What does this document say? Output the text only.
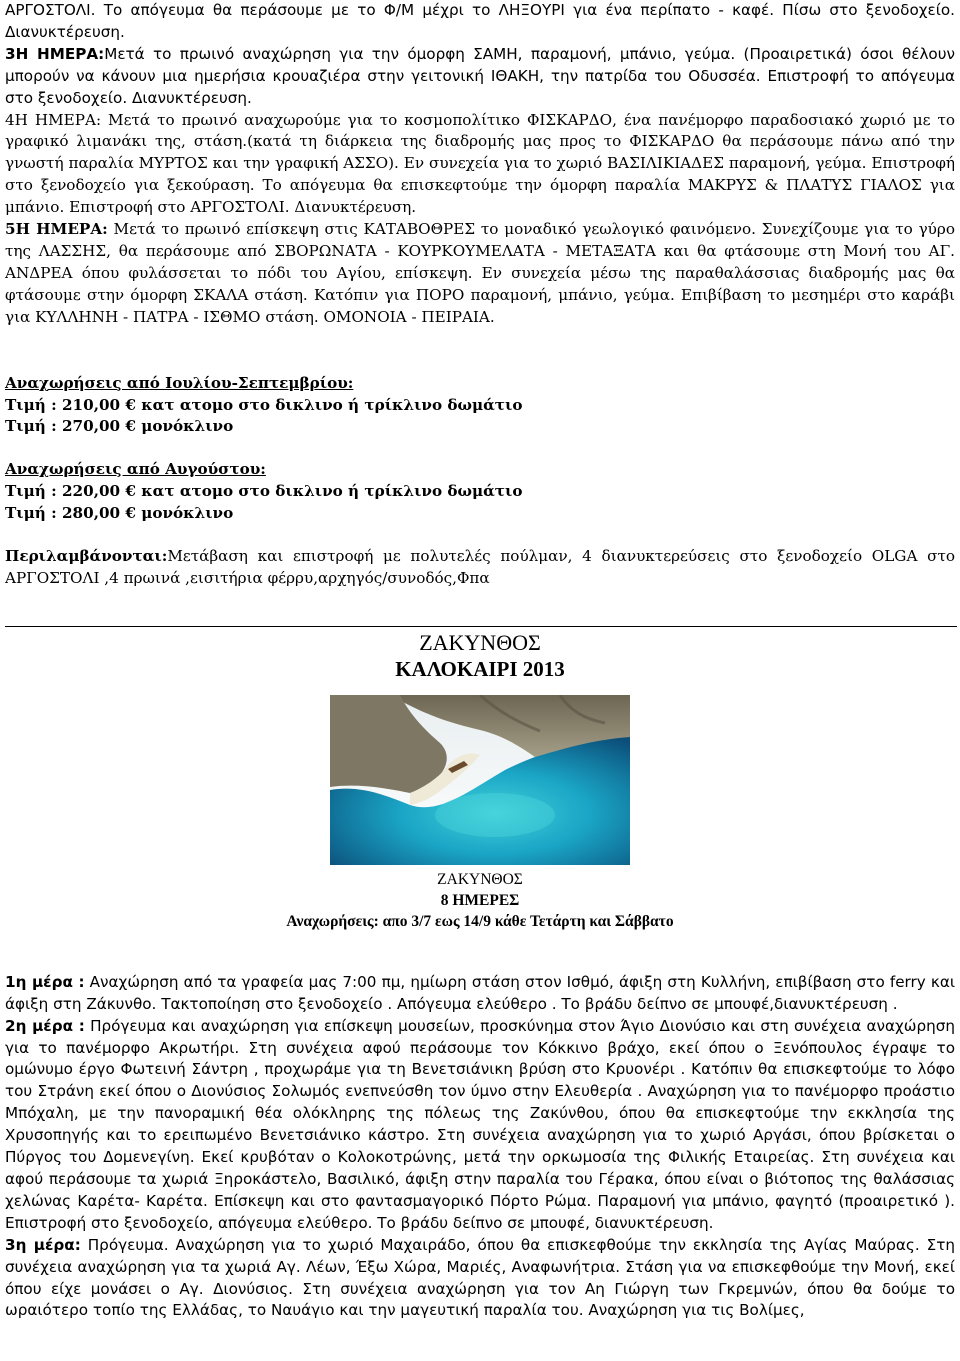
ΑΡΓΟΣΤΟΛΙ. Το απόγευμα θα περάσουμε με το Φ/Μ μέχρι το ΛΗΞΟΥΡΙ για ένα περίπατο - καφέ. Πίσω στο ξενοδοχείο. Διανυκτέρευση.

3Η ΗΜΕΡΑ:Μετά το πρωινό αναχώρηση για την όμορφη ΣΑΜΗ, παραμονή, μπάνιο, γεύμα. (Προαιρετικά) όσοι θέλουν μπορούν να κάνουν μια ημερήσια κρουαζιέρα στην γειτονική ΙΘΑΚΗ, την πατρίδα του Οδυσσέα. Επιστροφή το απόγευμα στο ξενοδοχείο. Διανυκτέρευση.

4Η ΗΜΕΡΑ: Μετά το πρωινό αναχωρούμε για το κοσμοπολίτικο ΦΙΣΚΑΡΔΟ, ένα πανέμορφο παραδοσιακό χωριό με το γραφικό λιμανάκι της, στάση.(κατά τη διάρκεια της διαδρομής μας προς το ΦΙΣΚΑΡΔΟ θα περάσουμε πάνω από την γνωστή παραλία ΜΥΡΤΟΣ και την γραφική ΑΣΣΟ). Εν συνεχεία για το χωριό ΒΑΣΙΛΙΚΙΑΔΕΣ παραμονή, γεύμα. Επιστροφή στο ξενοδοχείο για ξεκούραση. Το απόγευμα θα επισκεφτούμε την όμορφη παραλία ΜΑΚΡΥΣ & ΠΛΑΤΥΣ ΓΙΑΛΟΣ για μπάνιο. Επιστροφή στο ΑΡΓΟΣΤΟΛΙ. Διανυκτέρευση.

5Η ΗΜΕΡΑ: Μετά το πρωινό επίσκεψη στις ΚΑΤΑΒΟΘΡΕΣ το μοναδικό γεωλογικό φαινόμενο. Συνεχίζουμε για το γύρο της ΛΑΣΣΗΣ, θα περάσουμε από ΣΒΟΡΩΝΑΤΑ - ΚΟΥΡΚΟΥΜΕΛΑΤΑ - ΜΕΤΑΞΑΤΑ και θα φτάσουμε στη Μονή του ΑΓ. ΑΝΔΡΕΑ όπου φυλάσσεται το πόδι του Αγίου, επίσκεψη. Εν συνεχεία μέσω της παραθαλάσσιας διαδρομής μας θα φτάσουμε στην όμορφη ΣΚΑΛΑ στάση. Κατόπιν για ΠΟΡΟ παραμονή, μπάνιο, γεύμα. Επιβίβαση το μεσημέρι στο καράβι για ΚΥΛΛΗΝΗ - ΠΑΤΡΑ - ΙΣΘΜΟ στάση. ΟΜΟΝΟΙΑ - ΠΕΙΡΑΙΑ.

Αναχωρήσεις από Ιουλίου-Σεπτεμβρίου:

Τιμή : 210,00 € κατ ατομο στο δικλινο ή τρίκλινο δωμάτιο

Τιμή : 270,00 € μονόκλινο

Αναχωρήσεις από Αυγούστου:

Τιμή : 220,00 € κατ ατομο στο δικλινο ή τρίκλινο δωμάτιο

Τιμή : 280,00 € μονόκλινο

Περιλαμβάνονται:Μετάβαση και επιστροφή με πολυτελές πούλμαν, 4 διανυκτερεύσεις στο ξενοδοχείο OLGA στο ΑΡΓΟΣΤΟΛΙ ,4 πρωινά ,εισιτήρια φέρρυ,αρχηγός/συνοδός,Φπα

ΖΑΚΥΝΘΟΣ

ΚΑΛΟΚΑΙΡΙ 2013

ΖΑΚΥΝΘΟΣ

8 ΗΜΕΡΕΣ

Αναχωρήσεις: απο 3/7 εως 14/9 κάθε Τετάρτη και Σάββατο

1η μέρα : Αναχώρηση από τα γραφεία μας 7:00 πμ, ημίωρη στάση στον Ισθμό, άφιξη στη Κυλλήνη, επιβίβαση στο ferry και άφιξη στη Ζάκυνθο. Τακτοποίηση στο ξενοδοχείο . Απόγευμα ελεύθερο . Το βράδυ δείπνο σε μπουφέ,διανυκτέρευση .

2η μέρα : Πρόγευμα και αναχώρηση για επίσκεψη μουσείων, προσκύνημα στον Άγιο Διονύσιο και στη συνέχεια αναχώρηση για το πανέμορφο Ακρωτήρι. Στη συνέχεια αφού περάσουμε τον Κόκκινο βράχο, εκεί όπου ο Ξενόπουλος έγραψε το ομώνυμο έργο Φωτεινή Σάντρη , προχωράμε για τη Βενετσιάνικη βρύση στο Κρυονέρι . Κατόπιν θα επισκεφτούμε το λόφο του Στράνη εκεί όπου ο Διονύσιος Σολωμός ενεπνεύσθη τον ύμνο στην Ελευθερία . Αναχώρηση για το πανέμορφο προάστιο Μπόχαλη, με την πανοραμική θέα ολόκληρης της πόλεως της Ζακύνθου, όπου θα επισκεφτούμε την εκκλησία της Χρυσοπηγής και το ερειπωμένο Βενετσιάνικο κάστρο. Στη συνέχεια αναχώρηση για το χωριό Αργάσι, όπου βρίσκεται ο Πύργος του Δομενεγίνη. Εκεί κρυβόταν ο Κολοκοτρώνης, μετά την ορκωμοσία της Φιλικής Εταιρείας. Στη συνέχεια και αφού περάσουμε τα χωριά Ξηροκάστελο, Βασιλικό, άφιξη στην παραλία του Γέρακα, όπου είναι ο βιότοπος της θαλάσσιας χελώνας Καρέτα- Καρέτα. Επίσκεψη και στο φαντασμαγορικό Πόρτο Ρώμα. Παραμονή για μπάνιο, φαγητό (προαιρετικό ). Επιστροφή στο ξενοδοχείο, απόγευμα ελεύθερο. Το βράδυ δείπνο σε μπουφέ, διανυκτέρευση.

3η μέρα: Πρόγευμα. Αναχώρηση για το χωριό Μαχαιράδο, όπου θα επισκεφθούμε την εκκλησία της Αγίας Μαύρας. Στη συνέχεια αναχώρηση για τα χωριά Αγ. Λέων, Έξω Χώρα, Μαριές, Αναφωνήτρια. Στάση για να επισκεφθούμε την Μονή, εκεί όπου είχε μονάσει ο Αγ. Διονύσιος. Στη συνέχεια αναχώρηση για τον Αη Γιώργη των Γκρεμνών, όπου θα δούμε το ωραιότερο τοπίο της Ελλάδας, το Ναυάγιο και την μαγευτική παραλία του. Αναχώρηση για τις Βολίμες,
